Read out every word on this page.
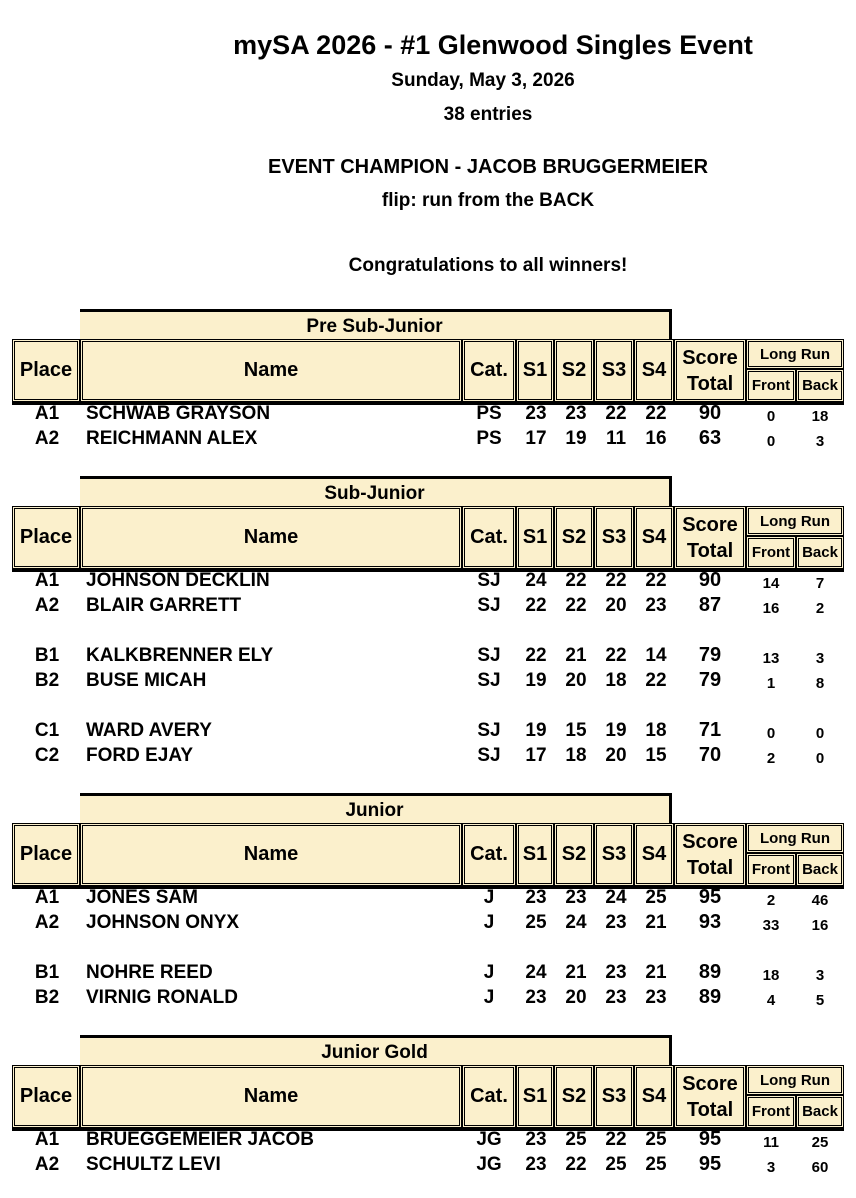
mySA 2026 - #1 Glenwood Singles Event
Sunday, May 3, 2026
38 entries
EVENT CHAMPION - JACOB BRUGGERMEIER
flip: run from the BACK
Congratulations to all winners!
Pre Sub-Junior
Place	Name	Cat. S1 S2 S3 S4
Score
Total
Long Run
Front Back
Sub-Junior
Place	Name	Cat. S1 S2 S3 S4
Score
Total
Long Run
Front Back
Junior
Place	Name	Cat. S1 S2 S3 S4
Score
Total
Long Run
Front Back
Junior Gold
Place	Name	Cat. S1 S2 S3 S4
Score
Total
Long Run
Front Back
A1	SCHWAB GRAYSON	PS	23 23 22 22	90	0	18
A2	REICHMANN ALEX	PS	17 19	11	16	63	0	3
A1	JOHNSON DECKLIN	SJ	24 22 22 22	90	14	7
A2	BLAIR GARRETT	SJ	22 22 20 23	87	16	2
B1	KALKBRENNER ELY	SJ	22 21 22 14	79	13	3
B2	BUSE MICAH	SJ	19 20 18 22	79	1	8
C1	WARD AVERY	SJ	19 15 19 18	71	0	0
C2	FORD EJAY	SJ	17 18 20 15	70	2	0
A1	JONES SAM	J	23 23 24 25	95	2	46
A2	JOHNSON ONYX	J	25 24 23 21	93	33	16
B1	NOHRE REED	J	24 21 23 21	89	18	3
B2	VIRNIG RONALD	J	23 20 23 23	89	4	5
A1	BRUEGGEMEIER JACOB	JG	23 25 22 25	95	11	25
A2	SCHULTZ LEVI	JG	23 22 25 25	95	3	60
